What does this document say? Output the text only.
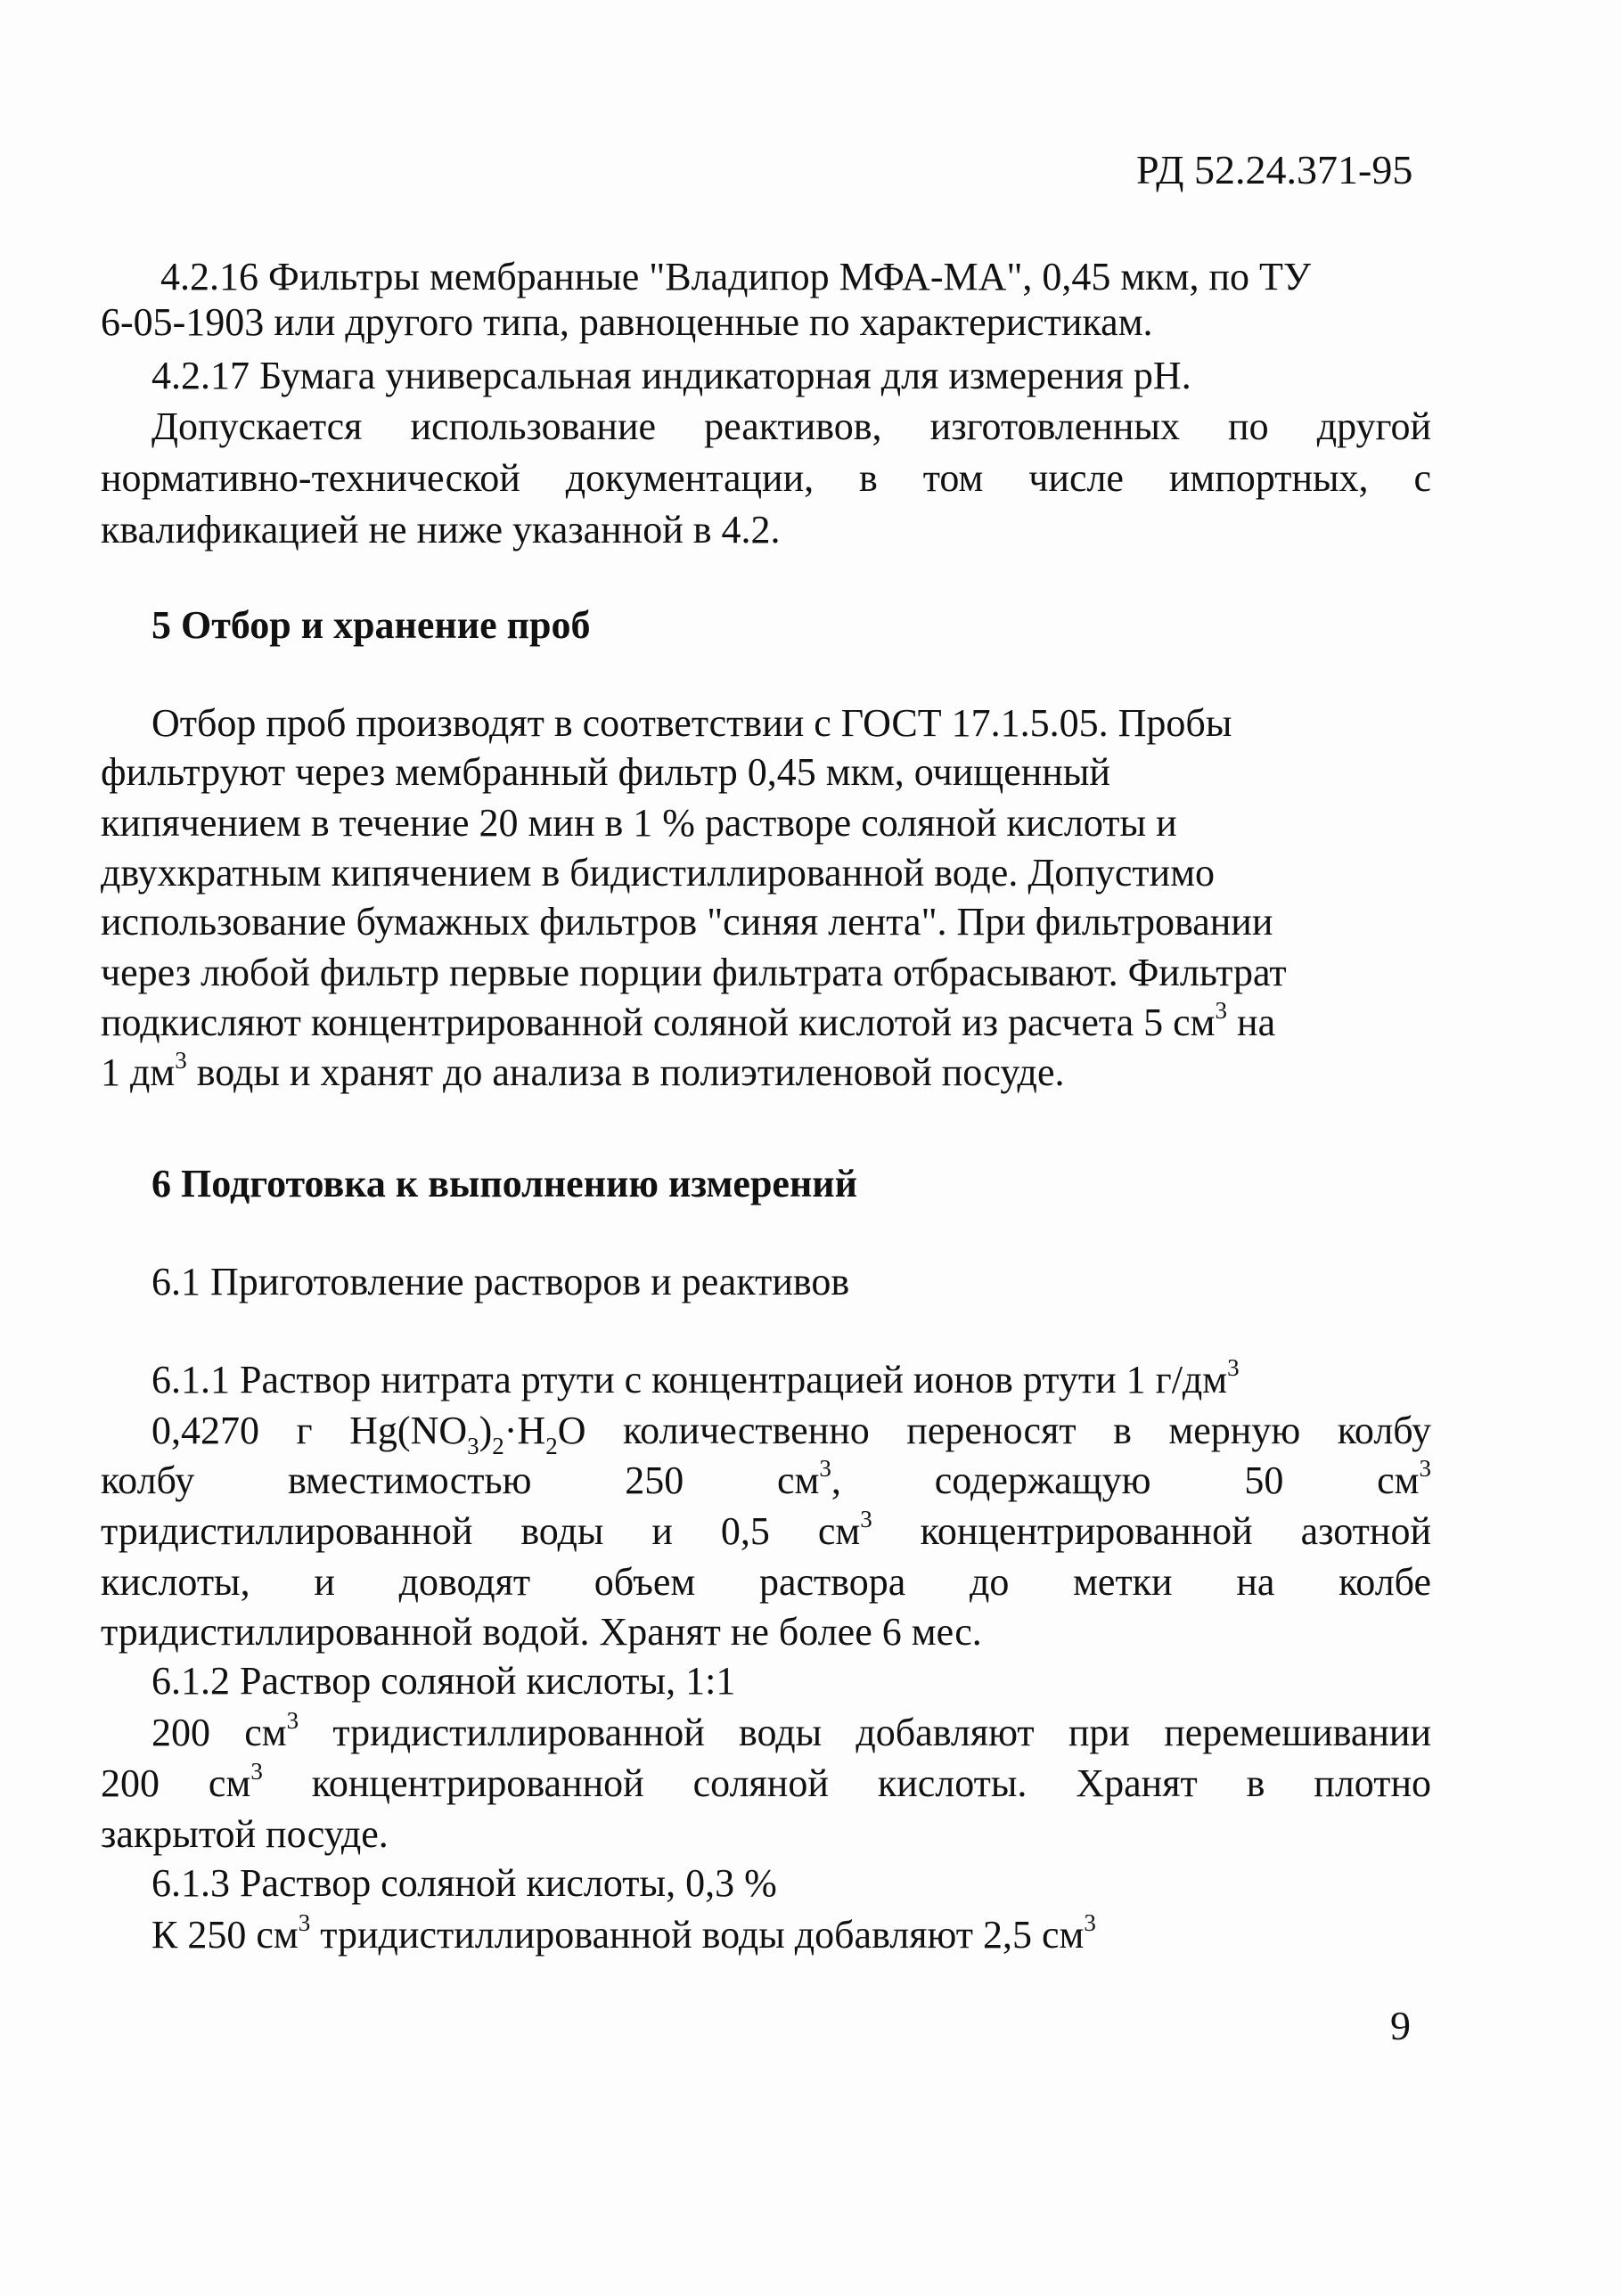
РД 52.24.371-95
4.2.16 Фильтры мембранные "Владипор МФА-МА", 0,45 мкм, по ТУ
6-05-1903 или другого типа, равноценные по характеристикам.
4.2.17 Бумага универсальная индикаторная для измерения pH.
Допускается использование реактивов, изготовленных по другой
нормативно-технической документации, в том числе импортных, с
квалификацией не ниже указанной в 4.2.
5 Отбор и хранение проб
Отбор проб производят в соответствии с ГОСТ 17.1.5.05. Пробы
фильтруют через мембранный фильтр 0,45 мкм, очищенный
кипячением в течение 20 мин в 1 % растворе соляной кислоты и
двухкратным кипячением в бидистиллированной воде. Допустимо
использование бумажных фильтров "синяя лента". При фильтровании
через любой фильтр первые порции фильтрата отбрасывают. Фильтрат
подкисляют концентрированной соляной кислотой из расчета 5 $см^3$ на
1 $дм^3$ воды и хранят до анализа в полиэтиленовой посуде.
6 Подготовка к выполнению измерений
6.1 Приготовление растворов и реактивов
6.1.1 Раствор нитрата ртути с концентрацией ионов ртути 1 $г/дм^3$
0,4270 г $Hg(NO_3)_2\cdot H_2O$ количественно переносят в мерную колбу
колбу вместимостью 250 $см^3$, содержащую 50 $см^3$
тридистиллированной воды и 0,5 $см^3$ концентрированной азотной
кислоты, и доводят объем раствора до метки на колбе
тридистиллированной водой. Хранят не более 6 мес.
6.1.2 Раствор соляной кислоты, 1:1
200 $см^3$ тридистиллированной воды добавляют при перемешивании
200 $см^3$ концентрированной соляной кислоты. Хранят в плотно
закрытой посуде.
6.1.3 Раствор соляной кислоты, 0,3 %
К 250 $см^3$ тридистиллированной воды добавляют 2,5 $см^3$
9
